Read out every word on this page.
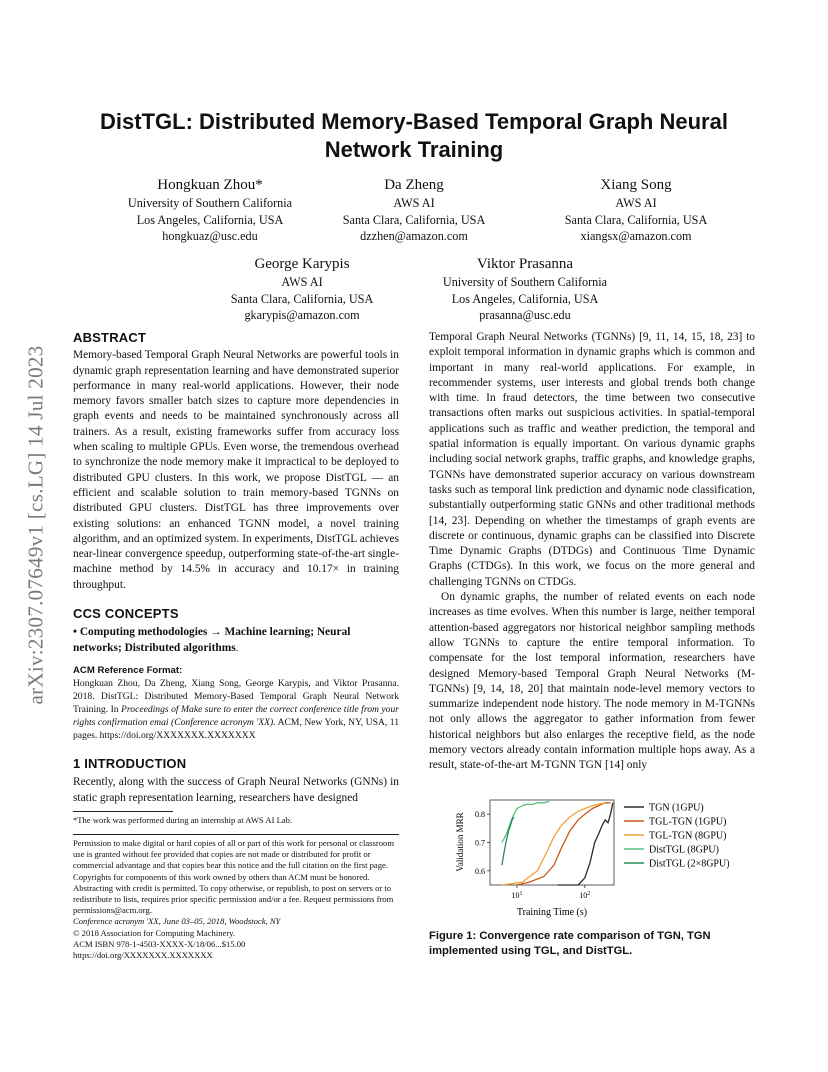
arXiv:2307.07649v1 [cs.LG] 14 Jul 2023
DistTGL: Distributed Memory-Based Temporal Graph Neural
Network Training
Hongkuan Zhou*
University of Southern California
Los Angeles, California, USA
hongkuaz@usc.edu
Da Zheng
AWS AI
Santa Clara, California, USA
dzzhen@amazon.com
Xiang Song
AWS AI
Santa Clara, California, USA
xiangsx@amazon.com
George Karypis
AWS AI
Santa Clara, California, USA
gkarypis@amazon.com
Viktor Prasanna
University of Southern California
Los Angeles, California, USA
prasanna@usc.edu
ABSTRACT

Memory-based Temporal Graph Neural Networks are powerful tools in dynamic graph representation learning and have demonstrated superior performance in many real-world applications. However, their node memory favors smaller batch sizes to capture more dependencies in graph events and needs to be maintained synchronously across all trainers. As a result, existing frameworks suffer from accuracy loss when scaling to multiple GPUs. Even worse, the tremendous overhead to synchronize the node memory make it impractical to be deployed to distributed GPU clusters. In this work, we propose DistTGL — an efficient and scalable solution to train memory-based TGNNs on distributed GPU clusters. DistTGL has three improvements over existing solutions: an enhanced TGNN model, a novel training algorithm, and an optimized system. In experiments, DistTGL achieves near-linear convergence speedup, outperforming state-of-the-art single-machine method by 14.5% in accuracy and 10.17× in training throughput.

CCS CONCEPTS

• Computing methodologies → Machine learning; Neural networks; Distributed algorithms.

ACM Reference Format:

Hongkuan Zhou, Da Zheng, Xiang Song, George Karypis, and Viktor Prasanna. 2018. DistTGL: Distributed Memory-Based Temporal Graph Neural Network Training. In Proceedings of Make sure to enter the correct conference title from your rights confirmation emai (Conference acronym 'XX). ACM, New York, NY, USA, 11 pages. https://doi.org/XXXXXXX.XXXXXXX

1 INTRODUCTION

Recently, along with the success of Graph Neural Networks (GNNs) in static graph representation learning, researchers have designed

*The work was performed during an internship at AWS AI Lab.
Permission to make digital or hard copies of all or part of this work for personal or classroom use is granted without fee provided that copies are not made or distributed for profit or commercial advantage and that copies bear this notice and the full citation on the first page. Copyrights for components of this work owned by others than ACM must be honored. Abstracting with credit is permitted. To copy otherwise, or republish, to post on servers or to redistribute to lists, requires prior specific permission and/or a fee. Request permissions from permissions@acm.org.
Conference acronym 'XX, June 03–05, 2018, Woodstock, NY
© 2018 Association for Computing Machinery.
ACM ISBN 978-1-4503-XXXX-X/18/06...$15.00
https://doi.org/XXXXXXX.XXXXXXX

Temporal Graph Neural Networks (TGNNs) [9, 11, 14, 15, 18, 23] to exploit temporal information in dynamic graphs which is common and important in many real-world applications. For example, in recommender systems, user interests and global trends both change with time. In fraud detectors, the time between two consecutive transactions often marks out suspicious activities. In spatial-temporal applications such as traffic and weather prediction, the temporal and spatial information is equally important. On various dynamic graphs including social network graphs, traffic graphs, and knowledge graphs, TGNNs have demonstrated superior accuracy on various downstream tasks such as temporal link prediction and dynamic node classification, substantially outperforming static GNNs and other traditional methods [14, 23]. Depending on whether the timestamps of graph events are discrete or continuous, dynamic graphs can be classified into Discrete Time Dynamic Graphs (DTDGs) and Continuous Time Dynamic Graphs (CTDGs). In this work, we focus on the more general and challenging TGNNs on CTDGs.

On dynamic graphs, the number of related events on each node increases as time evolves. When this number is large, neither temporal attention-based aggregators nor historical neighbor sampling methods allow TGNNs to capture the entire temporal information. To compensate for the lost temporal information, researchers have designed Memory-based Temporal Graph Neural Networks (M-TGNNs) [9, 14, 18, 20] that maintain node-level memory vectors to summarize independent node history. The node memory in M-TGNNs not only allows the aggregator to gather information from fewer historical neighbors but also enlarges the receptive field, as the node memory vectors already contain information multiple hops away. As a result, state-of-the-art M-TGNN TGN [14] only

0.6
0.7
0.8
$10^1$	$10^2$
Validation MRR
Training Time (s)
TGN (1GPU)
TGL-TGN (1GPU)
TGL-TGN (8GPU)
DistTGL (8GPU)
DistTGL (2×8GPU)
Figure 1: Convergence rate comparison of TGN, TGN implemented using TGL, and DistTGL.
